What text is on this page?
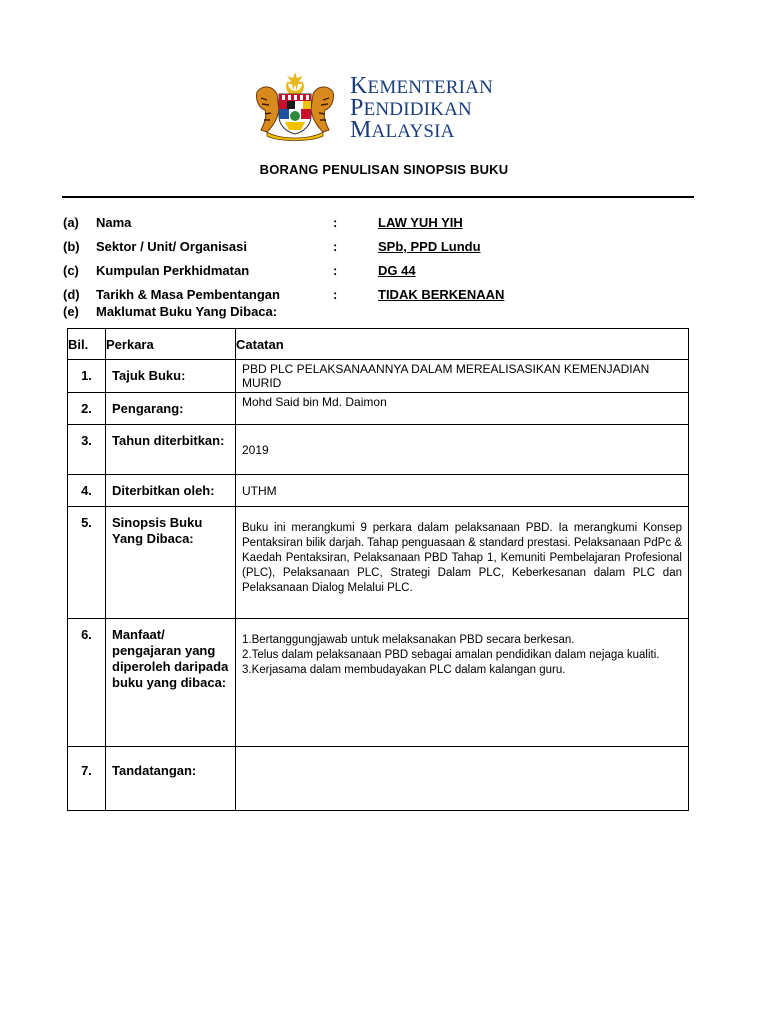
KEMENTERIAN
PENDIDIKAN
MALAYSIA
BORANG PENULISAN SINOPSIS BUKU
(a) Nama	:	LAW YUH YIH
(b) Sektor / Unit/ Organisasi	:	SPb, PPD Lundu
(c) Kumpulan Perkhidmatan	:	DG 44
(d) Tarikh & Masa Pembentangan	:	TIDAK BERKENAAN
(e) Maklumat Buku Yang Dibaca:
Bil.	Perkara	Catatan
1.	Tajuk Buku:	PBD PLC PELAKSANAANNYA DALAM MEREALISASIKAN KEMENJADIAN MURID
2.	Pengarang:	Mohd Said bin Md. Daimon
3.	Tahun diterbitkan:	2019
4.	Diterbitkan oleh:	UTHM
5.	Sinopsis Buku Yang Dibaca:	Buku ini merangkumi 9 perkara dalam pelaksanaan PBD. Ia merangkumi Konsep Pentaksiran bilik darjah. Tahap penguasaan & standard prestasi. Pelaksanaan PdPc & Kaedah Pentaksiran, Pelaksanaan PBD Tahap 1, Kemuniti Pembelajaran Profesional (PLC), Pelaksanaan PLC, Strategi Dalam PLC, Keberkesanan dalam PLC dan Pelaksanaan Dialog Melalui PLC.

6.	Manfaat/ pengajaran yang diperoleh daripada buku yang dibaca:	1.Bertanggungjawab untuk melaksanakan PBD secara berkesan.
2.Telus dalam pelaksanaan PBD sebagai amalan pendidikan dalam nejaga kualiti.
3.Kerjasama dalam membudayakan PLC dalam kalangan guru.

7.	Tandatangan:	
